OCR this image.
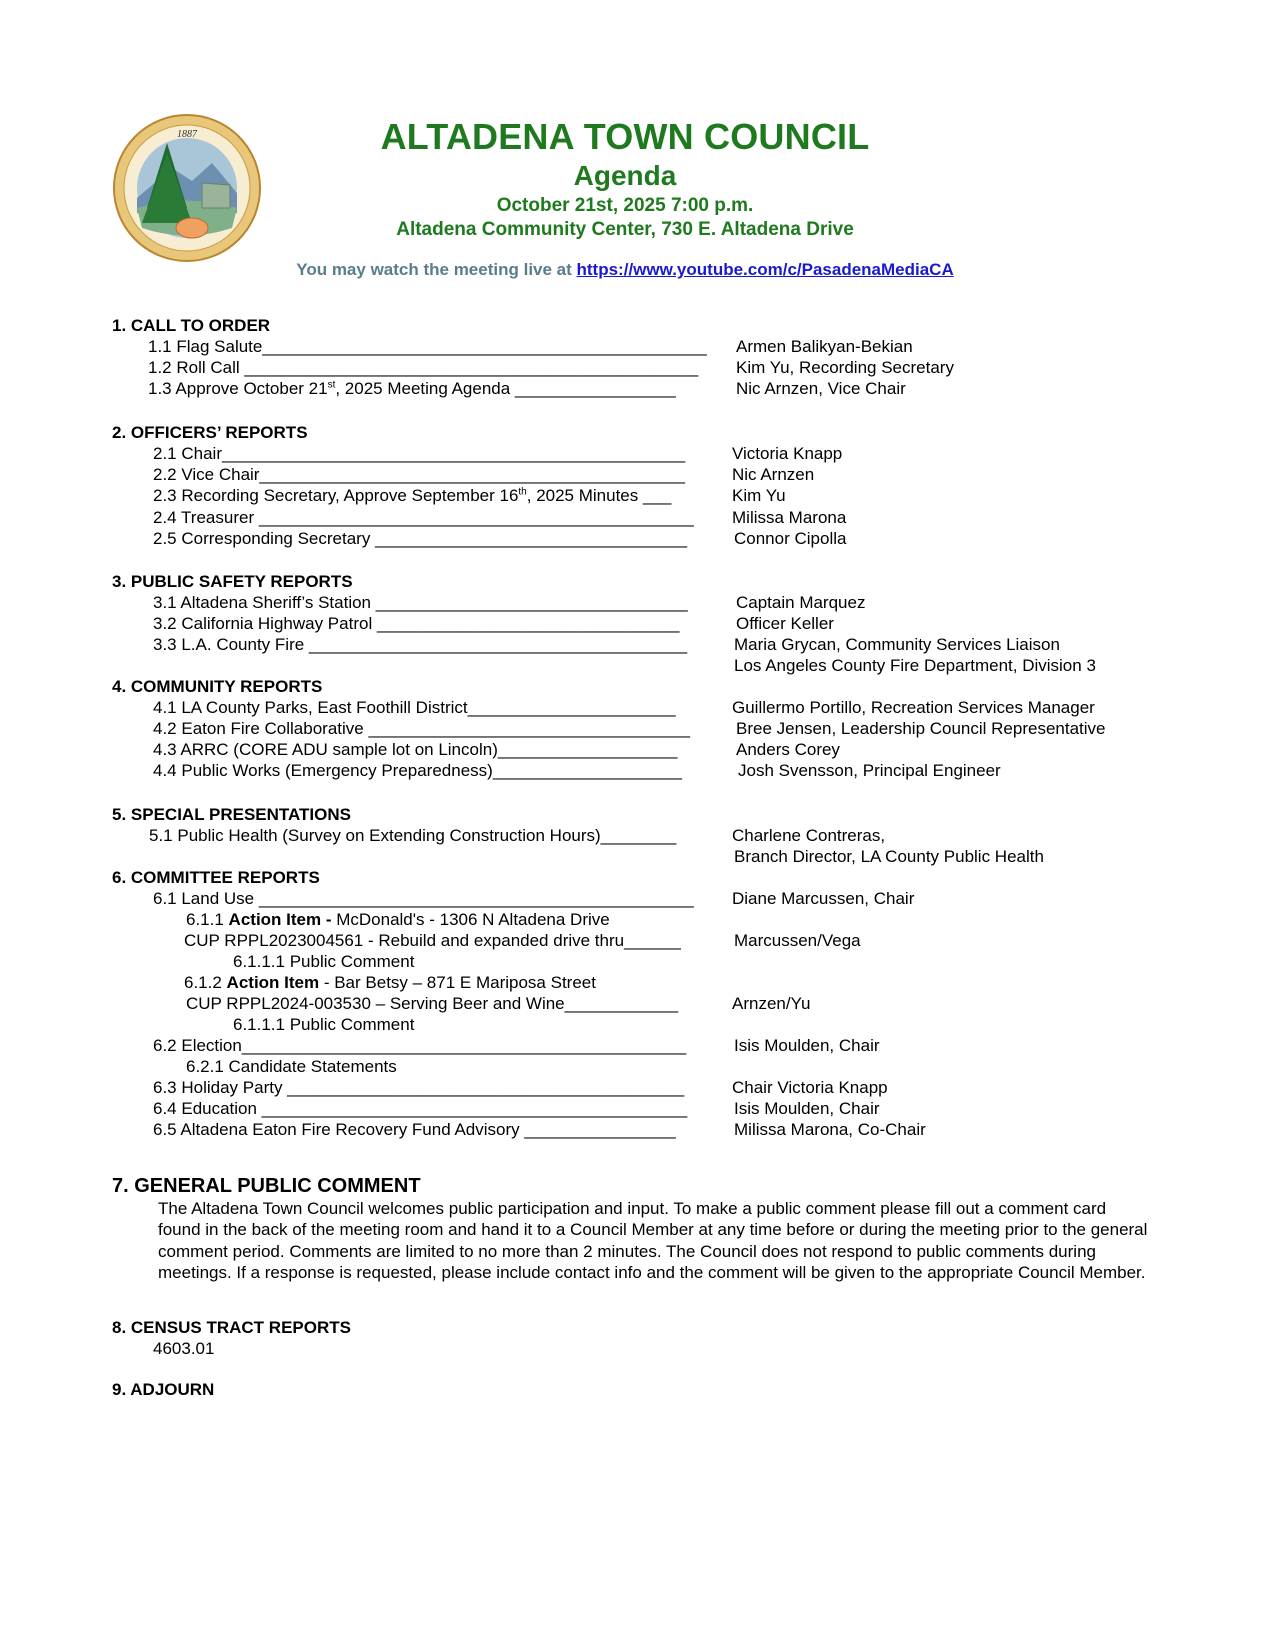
1887	ALTADENA TOWN COUNCIL
Agenda
October 21st, 2025 7:00 p.m.
Altadena Community Center, 730 E. Altadena Drive
You may watch the meeting live at https://www.youtube.com/c/PasadenaMediaCA
1. CALL TO ORDER
1.1 Flag Salute_______________________________________________ Armen Balikyan-Bekian
1.2 Roll Call ________________________________________________ Kim Yu, Recording Secretary
1.3 Approve October 21st, 2025 Meeting Agenda _________________	Nic Arnzen, Vice Chair
2. OFFICERS’ REPORTS
2.1 Chair_________________________________________________	Victoria Knapp
2.2 Vice Chair_____________________________________________	Nic Arnzen
2.3 Recording Secretary, Approve September 16th, 2025 Minutes ___	Kim Yu
2.4 Treasurer ______________________________________________ Milissa Marona
2.5 Corresponding Secretary _________________________________	Connor Cipolla
3. PUBLIC SAFETY REPORTS
3.1 Altadena Sheriff’s Station _________________________________	Captain Marquez
3.2 California Highway Patrol ________________________________	Officer Keller
3.3 L.A. County Fire ________________________________________	Maria Grycan, Community Services Liaison
Los Angeles County Fire Department, Division 3
4. COMMUNITY REPORTS
4.1 LA County Parks, East Foothill District______________________	Guillermo Portillo, Recreation Services Manager
4.2 Eaton Fire Collaborative __________________________________	Bree Jensen, Leadership Council Representative
4.3 ARRC (CORE ADU sample lot on Lincoln)___________________	Anders Corey
4.4 Public Works (Emergency Preparedness)____________________	Josh Svensson, Principal Engineer
5. SPECIAL PRESENTATIONS
5.1 Public Health (Survey on Extending Construction Hours)________	Charlene Contreras,
Branch Director, LA County Public Health
6. COMMITTEE REPORTS
6.1 Land Use ______________________________________________ Diane Marcussen, Chair
6.1.1 Action Item - McDonald's - 1306 N Altadena Drive
CUP RPPL2023004561 - Rebuild and expanded drive thru______	Marcussen/Vega
6.1.1.1 Public Comment
6.1.2 Action Item - Bar Betsy – 871 E Mariposa Street
CUP RPPL2024-003530 – Serving Beer and Wine____________	Arnzen/Yu
6.1.1.1 Public Comment
6.2 Election_______________________________________________	Isis Moulden, Chair
6.2.1 Candidate Statements
6.3 Holiday Party __________________________________________	Chair Victoria Knapp
6.4 Education _____________________________________________	Isis Moulden, Chair
6.5 Altadena Eaton Fire Recovery Fund Advisory ________________	Milissa Marona, Co-Chair
7. GENERAL PUBLIC COMMENT
The Altadena Town Council welcomes public participation and input. To make a public comment please fill out a comment card found in the back of the meeting room and hand it to a Council Member at any time before or during the meeting prior to the general comment period. Comments are limited to no more than 2 minutes. The Council does not respond to public comments during meetings. If a response is requested, please include contact info and the comment will be given to the appropriate Council Member.
8. CENSUS TRACT REPORTS
4603.01
9. ADJOURN
